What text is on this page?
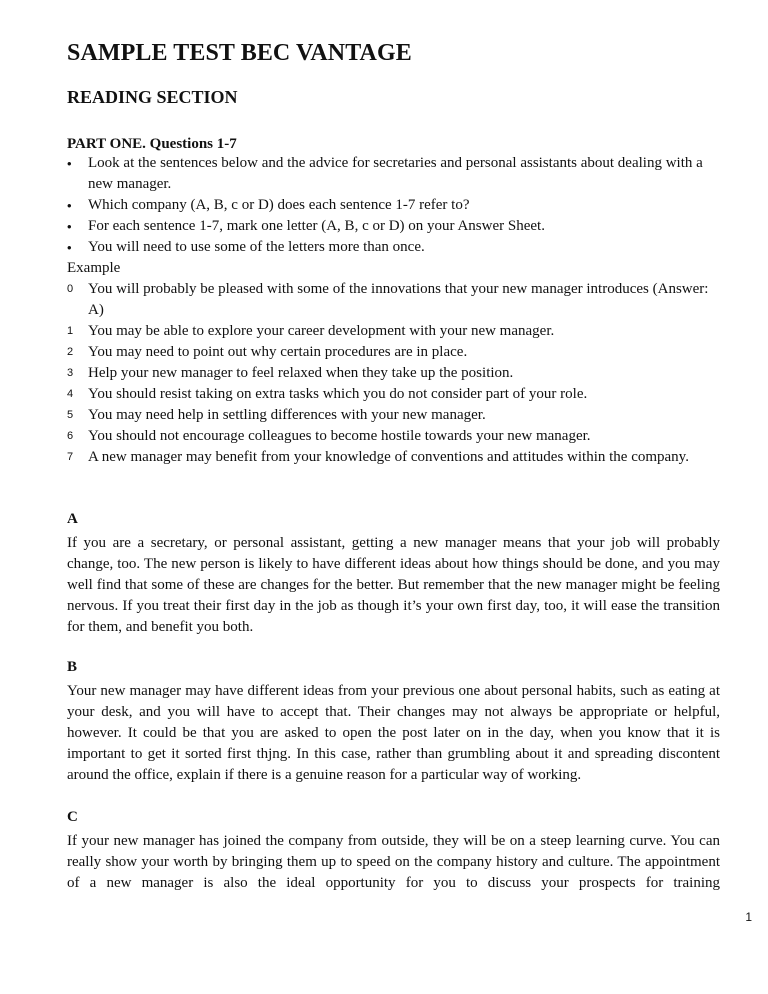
SAMPLE TEST BEC VANTAGE
READING SECTION
PART ONE. Questions 1-7
•	Look at the sentences below and the advice for secretaries and personal assistants about dealing with a new manager.
•	Which company (A, B, c or D) does each sentence 1-7 refer to?
•	For each sentence 1-7, mark one letter (A, B, c or D) on your Answer Sheet.
•	You will need to use some of the letters more than once.
Example
0 You will probably be pleased with some of the innovations that your new manager introduces (Answer: A)
1 You may be able to explore your career development with your new manager.
2 You may need to point out why certain procedures are in place.
3 Help your new manager to feel relaxed when they take up the position.
4 You should resist taking on extra tasks which you do not consider part of your role.
5 You may need help in settling differences with your new manager.
6 You should not encourage colleagues to become hostile towards your new manager.
7 A new manager may benefit from your knowledge of conventions and attitudes within the company.
A

If you are a secretary, or personal assistant, getting a new manager means that your job will probably change, too. The new person is likely to have different ideas about how things should be done, and you may well find that some of these are changes for the better. But remember that the new manager might be feeling nervous. If you treat their first day in the job as though it’s your own first day, too, it will ease the transition for them, and benefit you both.

B

Your new manager may have different ideas from your previous one about personal habits, such as eating at your desk, and you will have to accept that. Their changes may not always be appropriate or helpful, however. It could be that you are asked to open the post later on in the day, when you know that it is important to get it sorted first thjng. In this case, rather than grumbling about it and spreading discontent around the office, explain if there is a genuine reason for a particular way of working.

C

If your new manager has joined the company from outside, they will be on a steep learning curve. You can really show your worth by bringing them up to speed on the company history and culture. The appointment of a new manager is also the ideal opportunity for you to discuss your prospects for training

1
